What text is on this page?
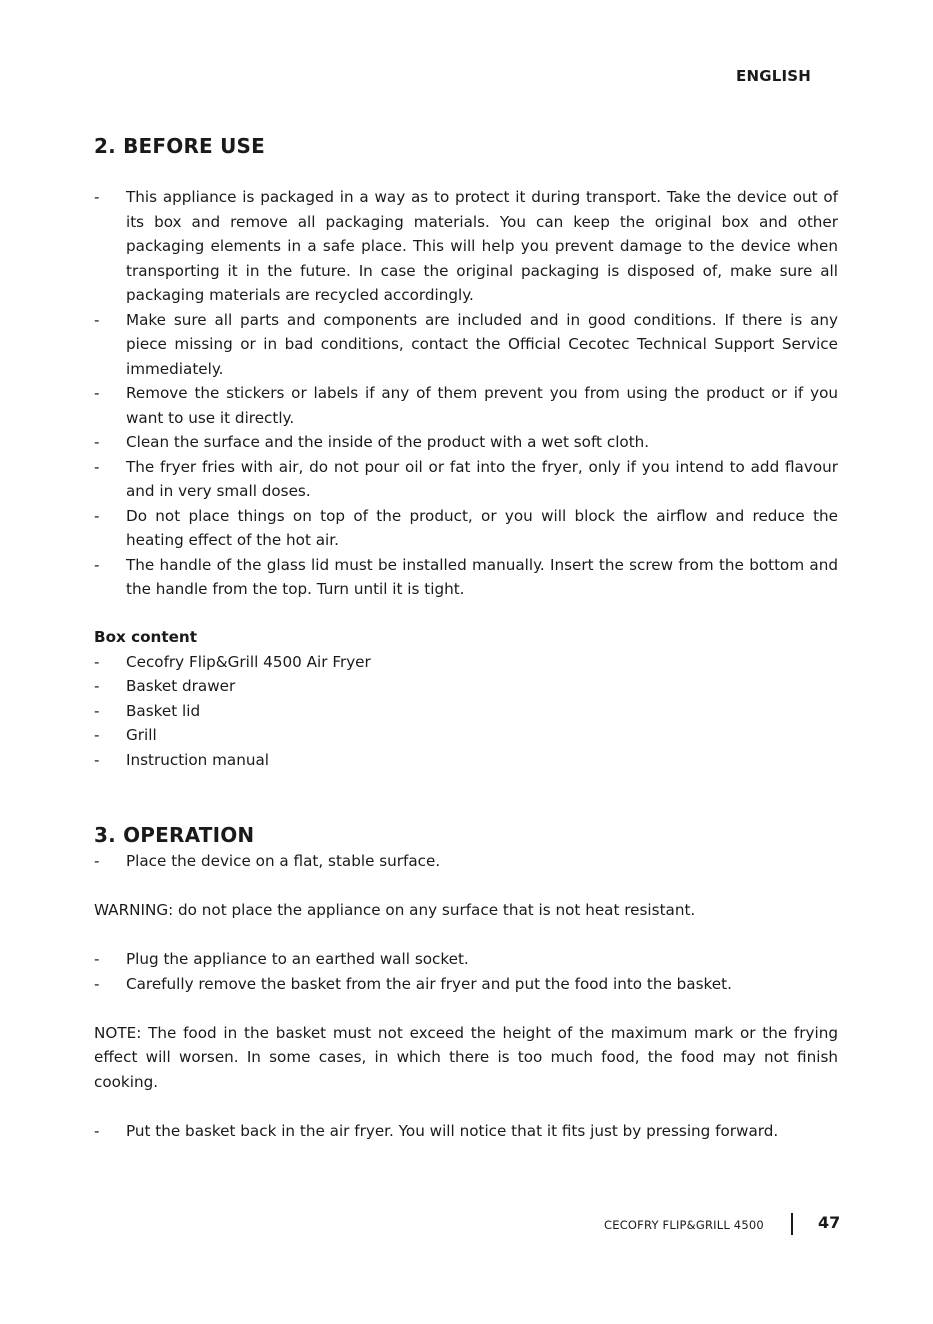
ENGLISH
2. BEFORE USE
- This appliance is packaged in a way as to protect it during transport. Take the device out of its box and remove all packaging materials. You can keep the original box and other packaging elements in a safe place. This will help you prevent damage to the device when transporting it in the future. In case the original packaging is disposed of, make sure all packaging materials are recycled accordingly.
- Make sure all parts and components are included and in good conditions. If there is any piece missing or in bad conditions, contact the Official Cecotec Technical Support Service immediately.
- Remove the stickers or labels if any of them prevent you from using the product or if you want to use it directly.
- Clean the surface and the inside of the product with a wet soft cloth.
- The fryer fries with air, do not pour oil or fat into the fryer, only if you intend to add flavour and in very small doses.
- Do not place things on top of the product, or you will block the airflow and reduce the heating effect of the hot air.
- The handle of the glass lid must be installed manually. Insert the screw from the bottom and the handle from the top. Turn until it is tight.

Box content

- Cecofry Flip&Grill 4500 Air Fryer
- Basket drawer
- Basket lid
- Grill
- Instruction manual
3. OPERATION
- Place the device on a flat, stable surface.

WARNING: do not place the appliance on any surface that is not heat resistant.

- Plug the appliance to an earthed wall socket.
- Carefully remove the basket from the air fryer and put the food into the basket.

NOTE: The food in the basket must not exceed the height of the maximum mark or the frying effect will worsen. In some cases, in which there is too much food, the food may not finish cooking.

- Put the basket back in the air fryer. You will notice that it fits just by pressing forward.
CECOFRY FLIP&GRILL 4500	47
